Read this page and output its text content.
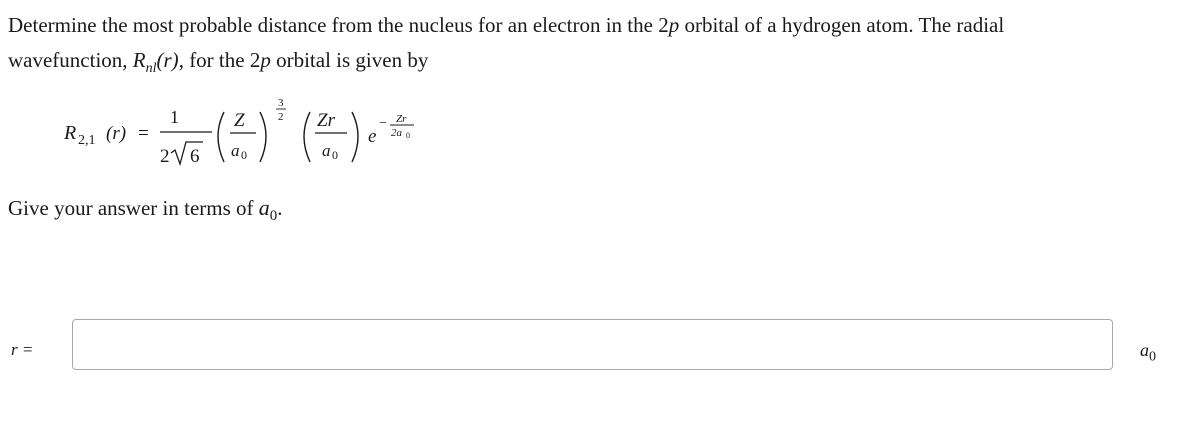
Determine the most probable distance from the nucleus for an electron in the 2p orbital of a hydrogen atom. The radial
wavefunction, $R_{nl}(r)$, for the 2p orbital is given by
R 2,1 (r) =
1
2 6
Z
a 0
3
2 Zr
a 0
e
− Zr
2a 0
Give your answer in terms of $a_0$.
r =	$a_0$
